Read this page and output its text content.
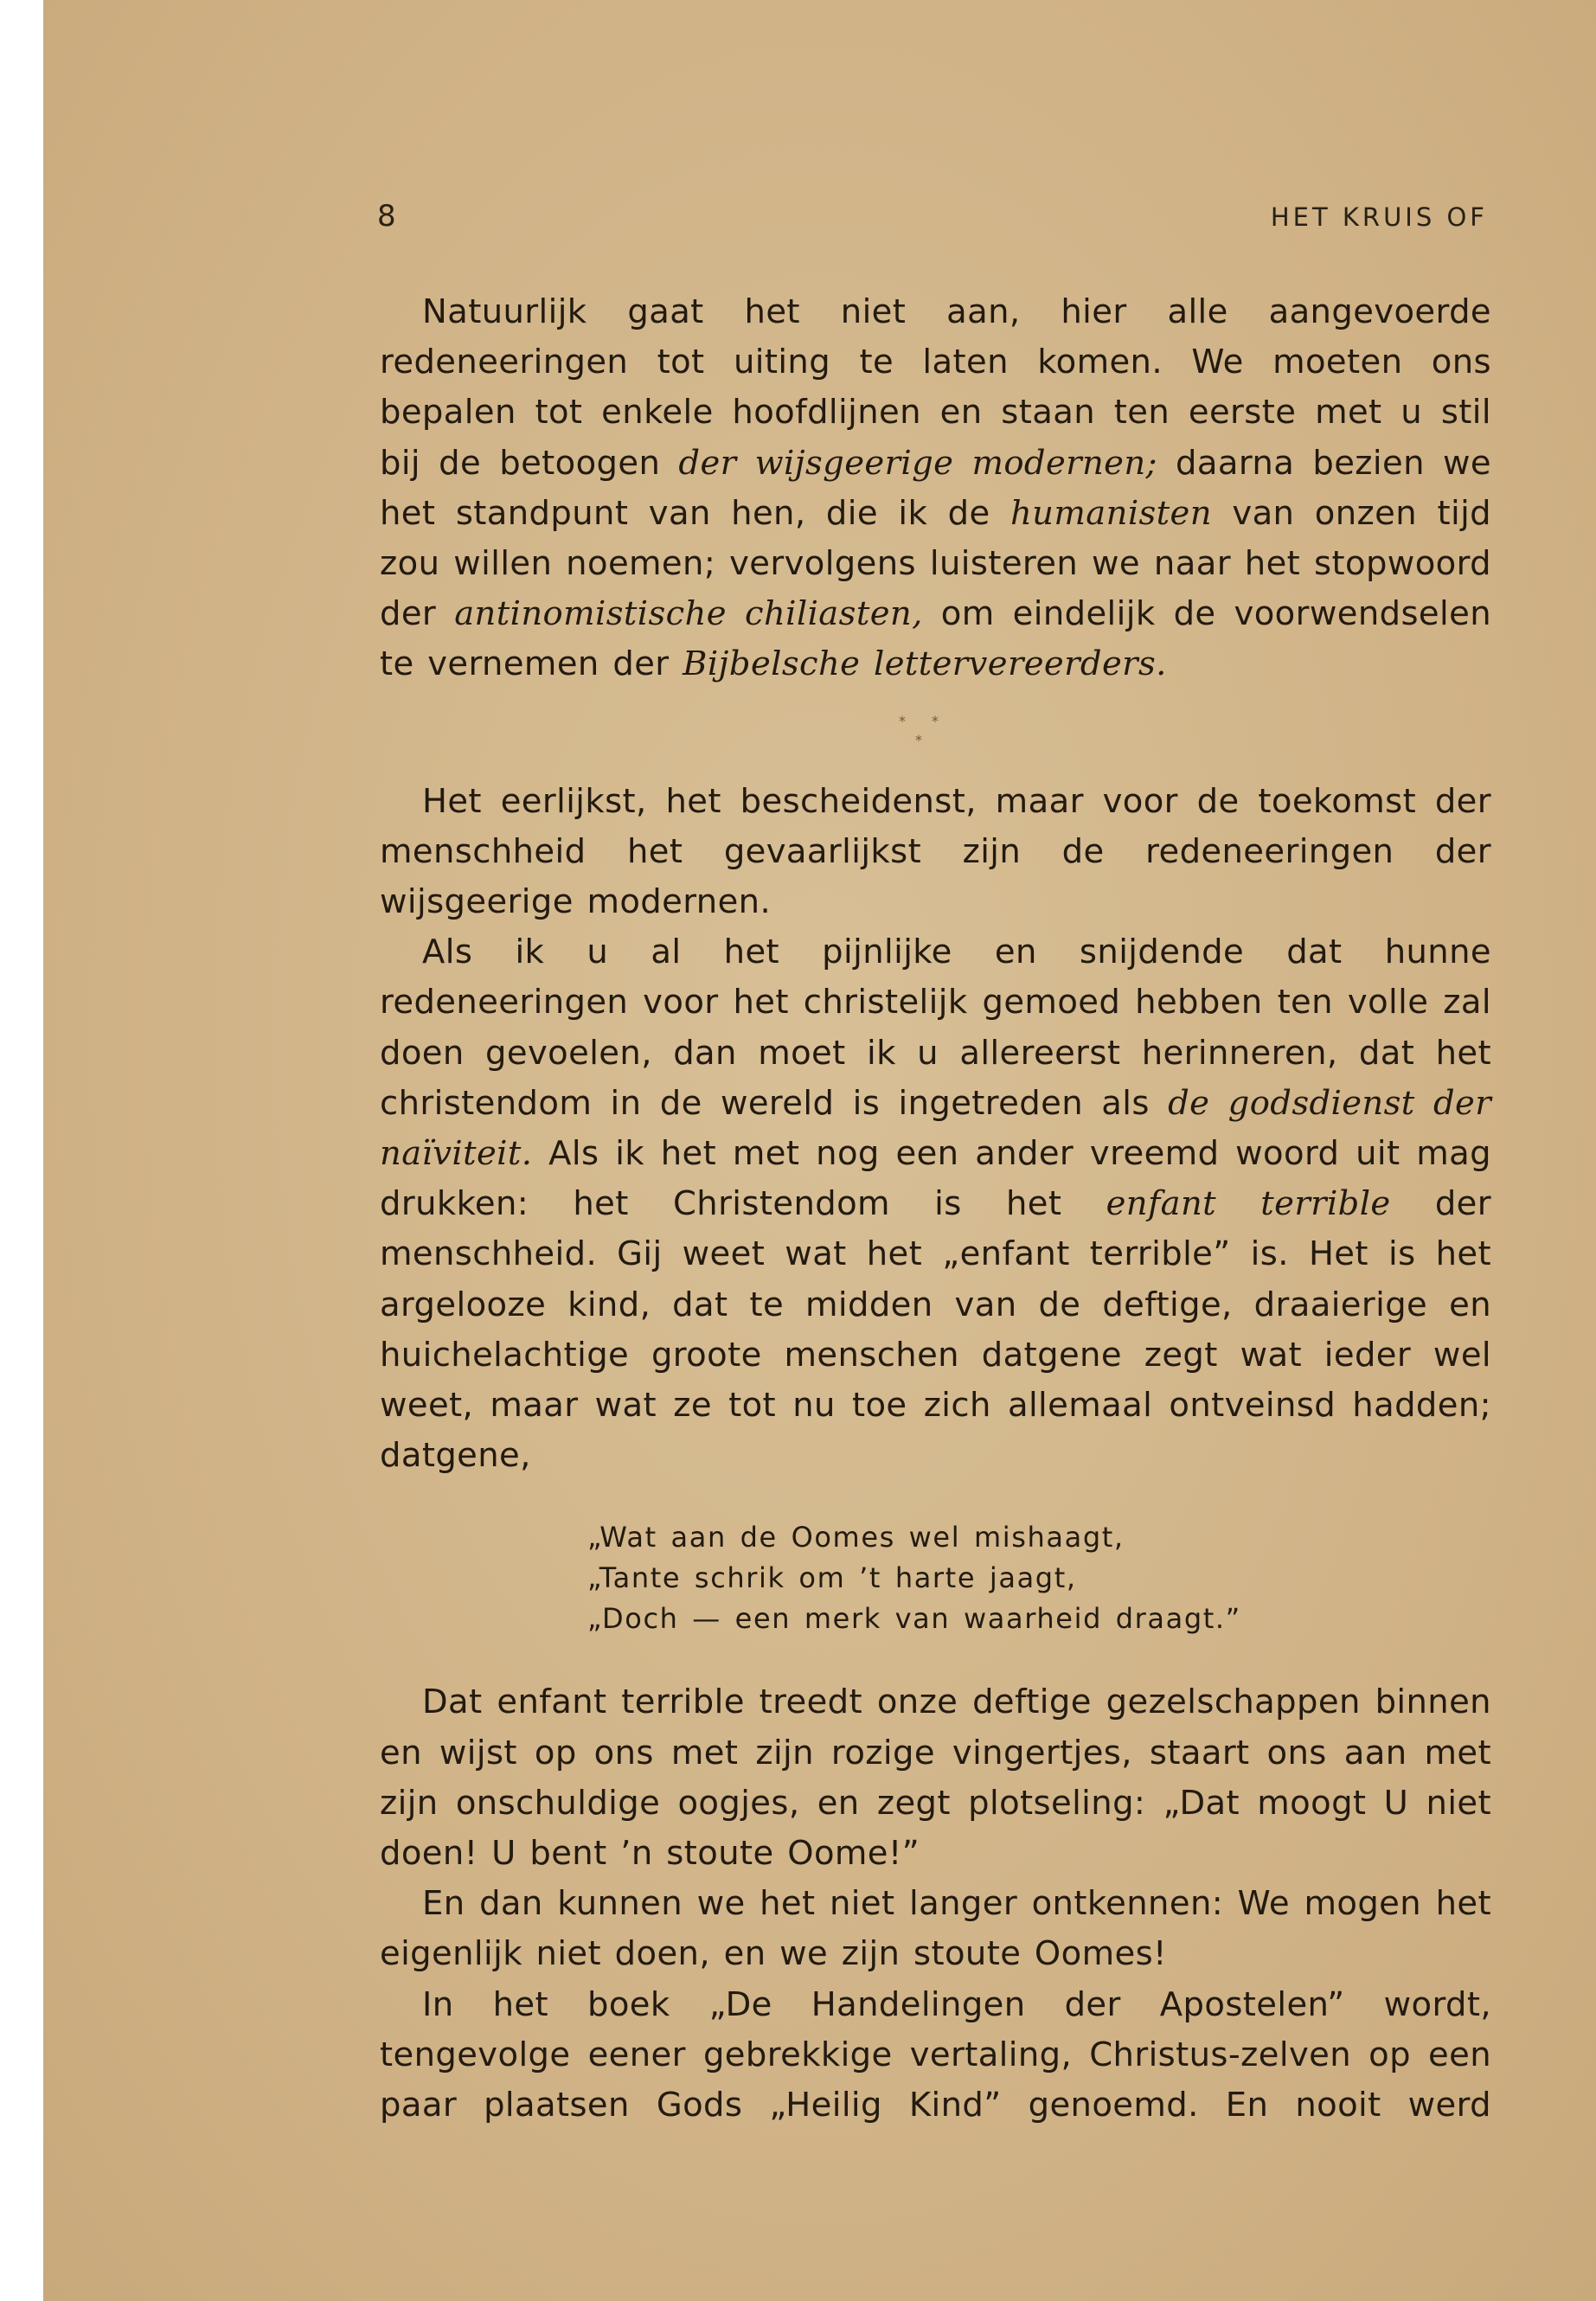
8	HET KRUIS OF

Natuurlijk gaat het niet aan, hier alle aangevoerde redeneeringen tot uiting te laten komen. We moeten ons bepalen tot enkele hoofdlijnen en staan ten eerste met u stil bij de betoogen der wijsgeerige modernen; daarna bezien we het standpunt van hen, die ik de humanisten van onzen tijd zou willen noemen; vervolgens luisteren we naar het stopwoord der antinomistische chiliasten, om eindelijk de voorwendselen te vernemen der Bijbelsche lettervereerders.

* *
*

Het eerlijkst, het bescheidenst, maar voor de toekomst der menschheid het gevaarlijkst zijn de redeneeringen der wijsgeerige modernen.

Als ik u al het pijnlijke en snijdende dat hunne redeneeringen voor het christelijk gemoed hebben ten volle zal doen gevoelen, dan moet ik u allereerst herinneren, dat het christendom in de wereld is ingetreden als de godsdienst der naïviteit. Als ik het met nog een ander vreemd woord uit mag drukken: het Christendom is het enfant terrible der menschheid. Gij weet wat het „enfant terrible” is. Het is het argelooze kind, dat te midden van de deftige, draaierige en huichelachtige groote menschen datgene zegt wat ieder wel weet, maar wat ze tot nu toe zich allemaal ontveinsd hadden; datgene,

„Wat aan de Oomes wel mishaagt,
„Tante schrik om ’t harte jaagt,
„Doch — een merk van waarheid draagt.”

Dat enfant terrible treedt onze deftige gezelschappen binnen en wijst op ons met zijn rozige vingertjes, staart ons aan met zijn onschuldige oogjes, en zegt plotseling: „Dat moogt U niet doen! U bent ’n stoute Oome!”

En dan kunnen we het niet langer ontkennen: We mogen het eigenlijk niet doen, en we zijn stoute Oomes!

In het boek „De Handelingen der Apostelen” wordt, tengevolge eener gebrekkige vertaling, Christus-zelven op een paar plaatsen Gods „Heilig Kind” genoemd. En nooit werd
